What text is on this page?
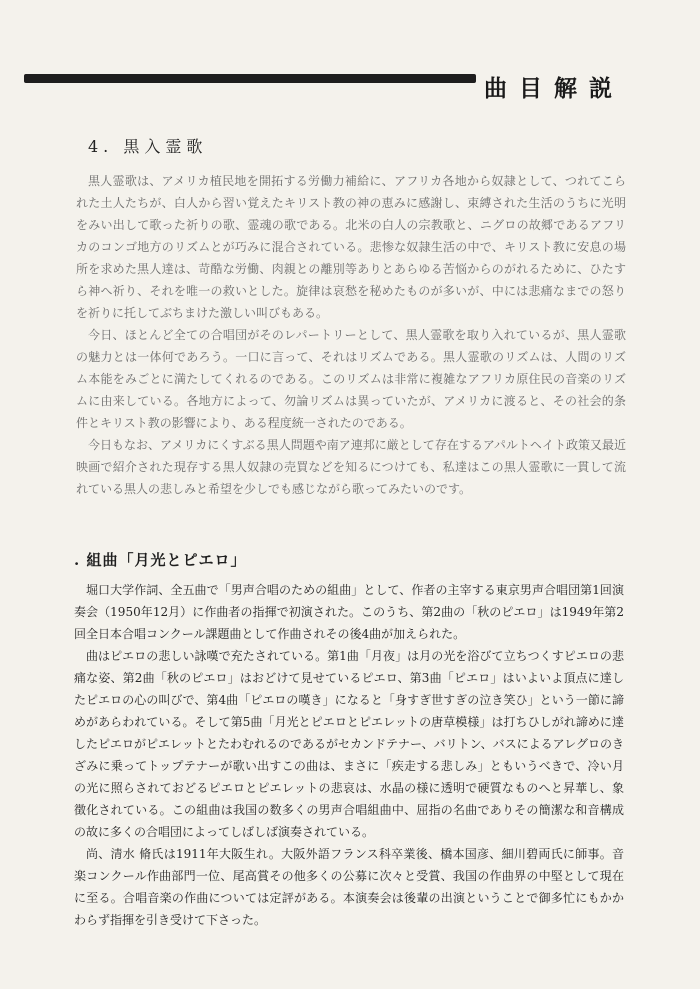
曲目解説
4. 黒入霊歌

黒人霊歌は、アメリカ植民地を開拓する労働力補給に、アフリカ各地から奴隷として、つれてこられた土人たちが、白人から習い覚えたキリスト教の神の恵みに感謝し、束縛された生活のうちに光明をみい出して歌った祈りの歌、霊魂の歌である。北米の白人の宗教歌と、ニグロの故郷であるアフリカのコンゴ地方のリズムとが巧みに混合されている。悲惨な奴隷生活の中で、キリスト教に安息の場所を求めた黒人達は、苛酷な労働、肉親との離別等ありとあらゆる苦悩からのがれるために、ひたすら神へ祈り、それを唯一の救いとした。旋律は哀愁を秘めたものが多いが、中には悲痛なまでの怒りを祈りに托してぶちまけた激しい叫びもある。

今日、ほとんど全ての合唱団がそのレパートリーとして、黒人霊歌を取り入れているが、黒人霊歌の魅力とは一体何であろう。一口に言って、それはリズムである。黒人霊歌のリズムは、人間のリズム本能をみごとに満たしてくれるのである。このリズムは非常に複雑なアフリカ原住民の音楽のリズムに由来している。各地方によって、勿論リズムは異っていたが、アメリカに渡ると、その社会的条件とキリスト教の影響により、ある程度統一されたのである。

今日もなお、アメリカにくすぶる黒人問題や南ア連邦に厳として存在するアパルトヘイト政策又最近映画で紹介された現存する黒人奴隷の売買などを知るにつけても、私達はこの黒人霊歌に一貫して流れている黒人の悲しみと希望を少しでも感じながら歌ってみたいのです。

. 組曲「月光とピエロ」

堀口大学作詞、全五曲で「男声合唱のための組曲」として、作者の主宰する東京男声合唱団第1回演奏会（1950年12月）に作曲者の指揮で初演された。このうち、第2曲の「秋のピエロ」は1949年第2回全日本合唱コンクール課題曲として作曲されその後4曲が加えられた。

曲はピエロの悲しい詠嘆で充たされている。第1曲「月夜」は月の光を浴びて立ちつくすピエロの悲痛な姿、第2曲「秋のピエロ」はおどけて見せているピエロ、第3曲「ピエロ」はいよいよ頂点に達したピエロの心の叫びで、第4曲「ピエロの嘆き」になると「身すぎ世すぎの泣き笑ひ」という一節に諦めがあらわれている。そして第5曲「月光とピエロとピエレットの唐草模様」は打ちひしがれ諦めに達したピエロがピエレットとたわむれるのであるがセカンドテナー、バリトン、バスによるアレグロのきざみに乗ってトップテナーが歌い出すこの曲は、まさに「疾走する悲しみ」ともいうべきで、冷い月の光に照らされておどるピエロとピエレットの悲哀は、水晶の様に透明で硬質なものへと昇華し、象徴化されている。この組曲は我国の数多くの男声合唱組曲中、屈指の名曲でありその簡潔な和音構成の故に多くの合唱団によってしばしば演奏されている。

尚、清水 脩氏は1911年大阪生れ。大阪外語フランス科卒業後、橋本国彦、細川碧両氏に師事。音楽コンクール作曲部門一位、尾高賞その他多くの公募に次々と受賞、我国の作曲界の中堅として現在に至る。合唱音楽の作曲については定評がある。本演奏会は後輩の出演ということで御多忙にもかかわらず指揮を引き受けて下さった。
